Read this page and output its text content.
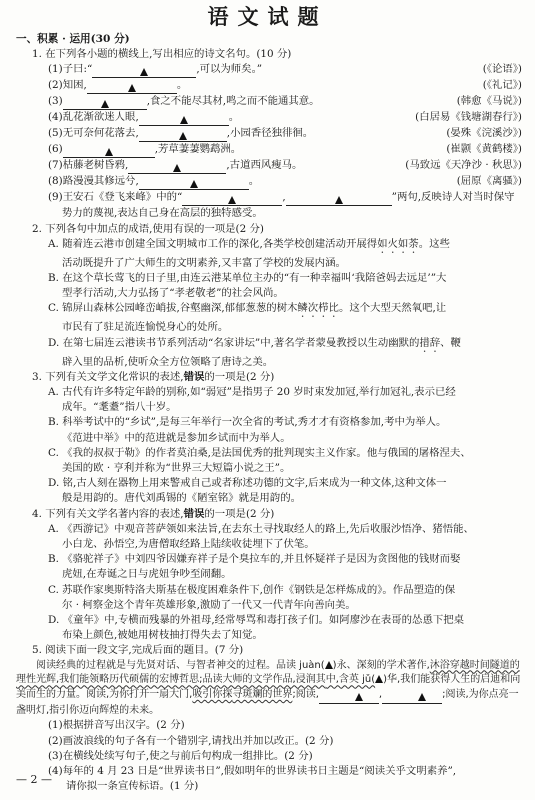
语文试题
一、积累 · 运用(30 分)
1. 在下列各小题的横线上,写出相应的诗文名句。(10 分)
(1)子曰:“	,可以为师矣。”	(《论语》)
(2)知困,	。	(《礼记》)
(3)	,食之不能尽其材,鸣之而不能通其意。	(韩愈《马说》)
(4)乱花渐欲迷人眼,	。	(白居易《钱塘湖春行》)
(5)无可奈何花落去,	,小园香径独徘徊。	(晏殊《浣溪沙》)
(6)	,芳草萋萋鹦鹉洲。	(崔颢《黄鹤楼》)
(7)枯藤老树昏鸦,	,古道西风瘦马。	(马致远《天净沙 · 秋思》)
(8)路漫漫其修远兮,	。	(屈原《离骚》)
(9)王安石《登飞来峰》中的“	,	”两句,反映诗人对当时保守
势力的蔑视,表达自己身在高层的独特感受。
2. 下列各句中加点的成语,使用有误的一项是(2 分)
A. 随着连云港市创建全国文明城市工作的深化,各类学校创建活动开展得如火如荼。这些
活动既提升了广大师生的文明素养,又丰富了学校的发展内涵。
B. 在这个草长莺飞的日子里,由连云港某单位主办的“有一种幸福叫‘我陪爸妈去远足’”大
型孝行活动,大力弘扬了“孝老敬老”的社会风尚。
C. 锦屏山森林公园峰峦峭拔,谷壑幽深,郁郁葱葱的树木鳞次栉比。这个大型天然氧吧,让
市民有了驻足流连愉悦身心的处所。
D. 在第七届连云港读书节系列活动“名家讲坛”中,著名学者蒙曼教授以生动幽默的措辞、鞭
辟入里的品析,使听众全方位领略了唐诗之美。
3. 下列有关文学文化常识的表述,错误的一项是(2 分)
A. 古代有许多特定年龄的别称,如“弱冠”是指男子 20 岁时束发加冠,举行加冠礼,表示已经
成年。“耄耋”指八十岁。
B. 科举考试中的“乡试”,是每三年举行一次全省的考试,秀才才有资格参加,考中为举人。
《范进中举》中的范进就是参加乡试而中为举人。
C. 《我的叔叔于勒》的作者莫泊桑,是法国优秀的批判现实主义作家。他与俄国的屠格涅夫、
美国的欧 · 亨利并称为“世界三大短篇小说之王”。
D. 铭,古人刻在器物上用来警戒自己或者称述功德的文字,后来成为一种文体,这种文体一
般是用韵的。唐代刘禹锡的《陋室铭》就是用韵的。
4. 下列有关文学名著内容的表述,错误的一项是(2 分)
A. 《西游记》中观音菩萨领如来法旨,在去东土寻找取经人的路上,先后收服沙悟净、猪悟能、
小白龙、孙悟空,为唐僧取经路上陆续收徒埋下了伏笔。
B. 《骆驼祥子》中刘四爷因嫌弃祥子是个臭拉车的,并且怀疑祥子是因为贪图他的钱财而娶
虎妞,在寿诞之日与虎妞争吵至闹翻。
C. 苏联作家奥斯特洛夫斯基在极度困难条件下,创作《钢铁是怎样炼成的》。作品塑造的保
尔 · 柯察金这个青年英雄形象,激励了一代又一代青年向善向美。
D. 《童年》中,专横而残暴的外祖母,经常辱骂和毒打孩子们。如阿廖沙在表哥的怂恿下把桌
布染上颜色,被她用树枝抽打得失去了知觉。
5. 阅读下面一段文字,完成后面的题目。(7 分)
阅读经典的过程就是与先贤对话、与智者神交的过程。品读 juàn( )永、深刻的学术著作,沐浴穿越时间隧道的理性光辉,我们能领略历代硕儒的宏博哲思;品读大师的文学作品,浸润其中,含英 jǔ( )华,我们能获得人生的启迪和向美而生的力量。阅读,为你打开一扇大门,吸引你探寻斑斓的世界;阅读,	,	;阅读,为你点亮一盏明灯,指引你迈向辉煌的未来。
(1)根据拼音写出汉字。(2 分)
(2)画波浪线的句子各有一个错别字,请找出并加以改正。(2 分)
(3)在横线处续写句子,使之与前后句构成一组排比。(2 分)
(4)每年的 4 月 23 日是“世界读书日”,假如明年的世界读书日主题是“阅读关乎文明素养”,
请你拟一条宣传标语。(1 分)
— 2 —
